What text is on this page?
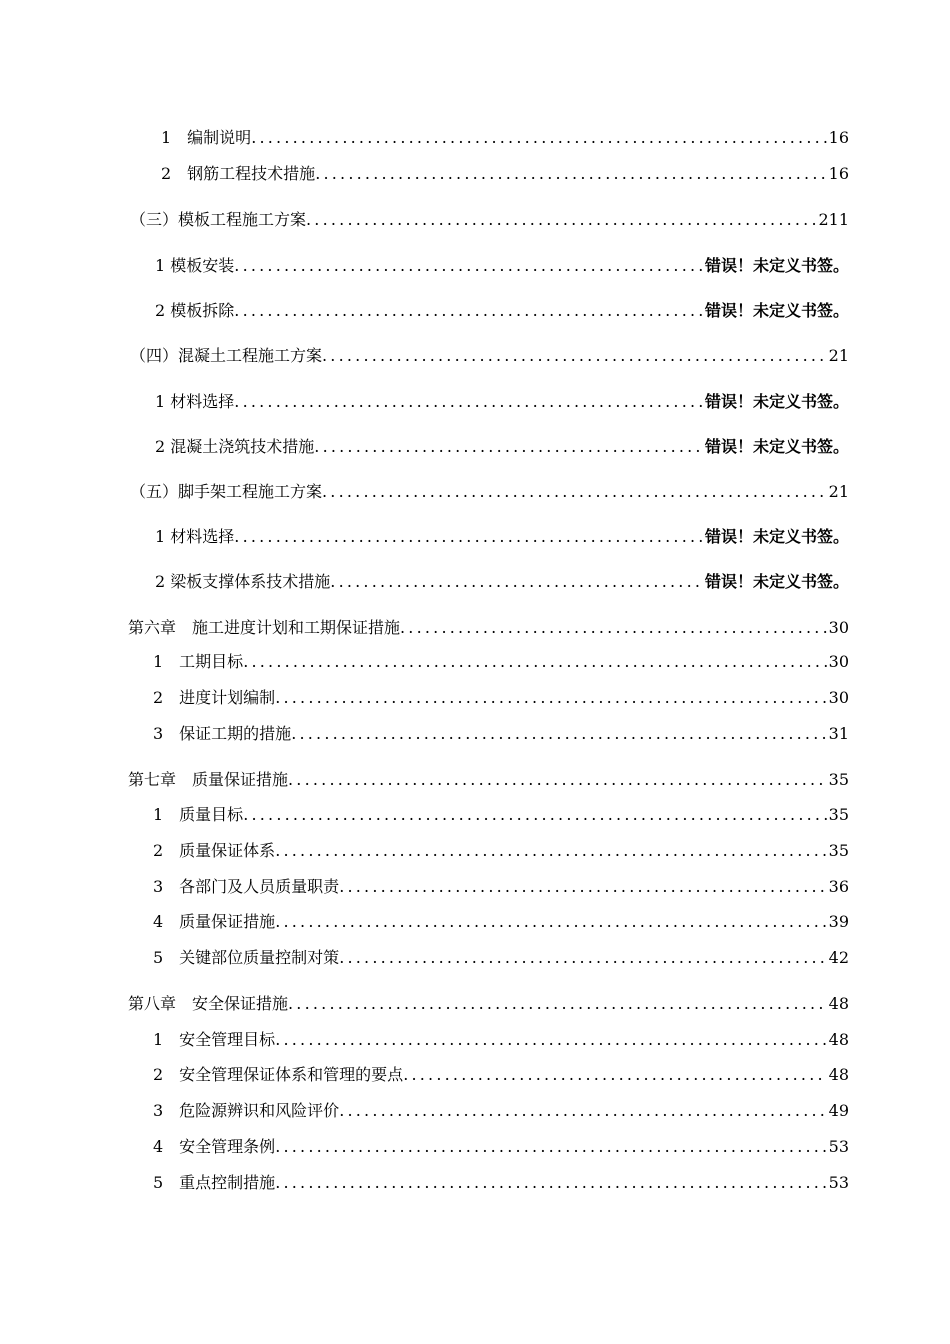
1　编制说明 .....	16
2　钢筋工程技术措施 .....	16
（三）模板工程施工方案 .....	211
1 模板安装 .....	错误！未定义书签。
2 模板拆除 .....	错误！未定义书签。
（四）混凝土工程施工方案 .....	21
1 材料选择 .....	错误！未定义书签。
2 混凝土浇筑技术措施 .....	错误！未定义书签。
（五）脚手架工程施工方案 .....	21
1 材料选择 .....	错误！未定义书签。
2 梁板支撑体系技术措施 .....	错误！未定义书签。
第六章　施工进度计划和工期保证措施 .....	30
1　工期目标 .....	30
2　进度计划编制 .....	30
3　保证工期的措施 .....	31
第七章　质量保证措施 .....	35
1　质量目标 .....	35
2　质量保证体系 .....	35
3　各部门及人员质量职责 .....	36
4　质量保证措施 .....	39
5　关键部位质量控制对策 .....	42
第八章　安全保证措施 .....	48
1　安全管理目标 .....	48
2　安全管理保证体系和管理的要点 .....	48
3　危险源辨识和风险评价 .....	49
4　安全管理条例 .....	53
5　重点控制措施 .....	53
